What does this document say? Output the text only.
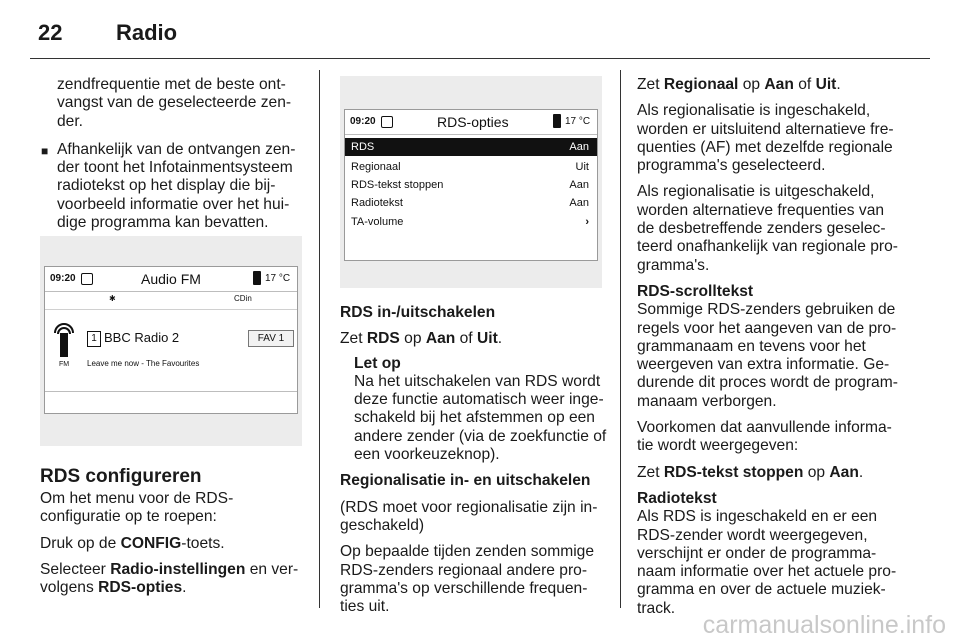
22 Radio
zendfrequentie met de beste ont-
vangst van de geselecteerde zen-
der.
■ Afhankelijk van de ontvangen zen-
der toont het Infotainmentsysteem
radiotekst op het display die bij-
voorbeeld informatie over het hui-
dige programma kan bevatten.
09:20	Audio FM	17 °C
✱	CDin
FM
1 BBC Radio 2	FAV 1
Leave me now - The Favourites

RDS configureren

Om het menu voor de RDS-
configuratie op te roepen:

Druk op de CONFIG-toets.

Selecteer Radio-instellingen en ver-
volgens RDS-opties.

09:20	RDS-opties	17 °C
RDS	Aan
Regionaal	Uit
RDS-tekst stoppen	Aan
Radiotekst	Aan
TA-volume	›

RDS in-/uitschakelen

Zet RDS op Aan of Uit.

Let op
Na het uitschakelen van RDS wordt
deze functie automatisch weer inge-
schakeld bij het afstemmen op een
andere zender (via de zoekfunctie of
een voorkeuzeknop).

Regionalisatie in- en uitschakelen

(RDS moet voor regionalisatie zijn in-
geschakeld)

Op bepaalde tijden zenden sommige
RDS-zenders regionaal andere pro-
gramma's op verschillende frequen-
ties uit.

Zet Regionaal op Aan of Uit.

Als regionalisatie is ingeschakeld,
worden er uitsluitend alternatieve fre-
quenties (AF) met dezelfde regionale
programma's geselecteerd.

Als regionalisatie is uitgeschakeld,
worden alternatieve frequenties van
de desbetreffende zenders geselec-
teerd onafhankelijk van regionale pro-
gramma's.

RDS-scrolltekst

Sommige RDS-zenders gebruiken de
regels voor het aangeven van de pro-
grammanaam en tevens voor het
weergeven van extra informatie. Ge-
durende dit proces wordt de program-
manaam verborgen.

Voorkomen dat aanvullende informa-
tie wordt weergegeven:

Zet RDS-tekst stoppen op Aan.

Radiotekst

Als RDS is ingeschakeld en er een
RDS-zender wordt weergegeven,
verschijnt er onder de programma-
naam informatie over het actuele pro-
gramma en over de actuele muziek-
track.

carmanualsonline.info
